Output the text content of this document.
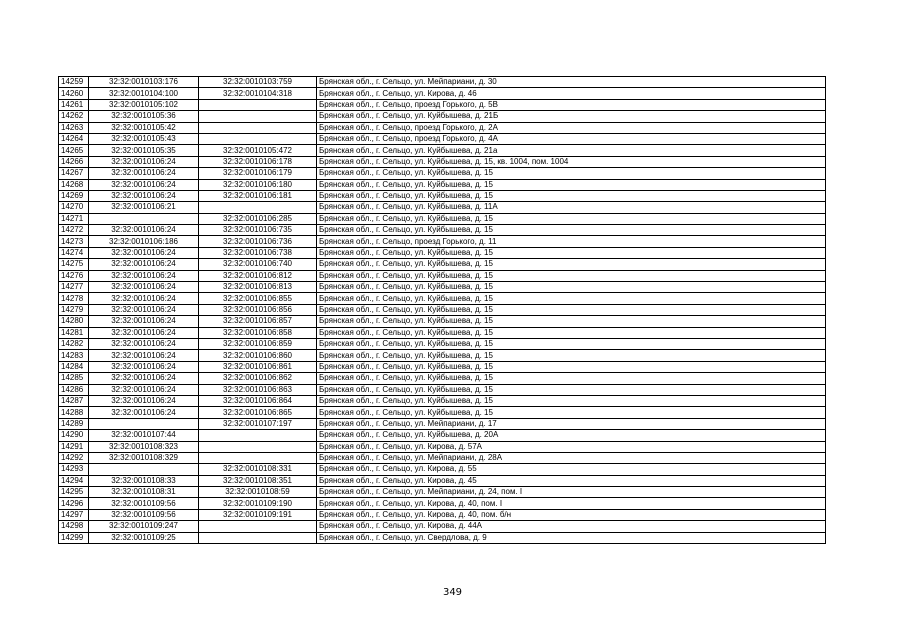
14259	32:32:0010103:176	32:32:0010103:759	Брянская обл., г. Сельцо, ул. Мейпариани, д. 30
14260	32:32:0010104:100	32:32:0010104:318	Брянская обл., г. Сельцо, ул. Кирова, д. 46
14261	32:32:0010105:102		Брянская обл., г. Сельцо, проезд Горького, д. 5В
14262	32:32:0010105:36		Брянская обл., г. Сельцо, ул. Куйбышева, д. 21Б
14263	32:32:0010105:42		Брянская обл., г. Сельцо, проезд Горького, д. 2А
14264	32:32:0010105:43		Брянская обл., г. Сельцо, проезд Горького, д. 4А
14265	32:32:0010105:35	32:32:0010105:472	Брянская обл., г. Сельцо, ул. Куйбышева, д. 21а
14266	32:32:0010106:24	32:32:0010106:178	Брянская обл., г. Сельцо, ул. Куйбышева, д. 15, кв. 1004, пом. 1004
14267	32:32:0010106:24	32:32:0010106:179	Брянская обл., г. Сельцо, ул. Куйбышева, д. 15
14268	32:32:0010106:24	32:32:0010106:180	Брянская обл., г. Сельцо, ул. Куйбышева, д. 15
14269	32:32:0010106:24	32:32:0010106:181	Брянская обл., г. Сельцо, ул. Куйбышева, д. 15
14270	32:32:0010106:21		Брянская обл., г. Сельцо, ул. Куйбышева, д. 11А
14271		32:32:0010106:285	Брянская обл., г. Сельцо, ул. Куйбышева, д. 15
14272	32:32:0010106:24	32:32:0010106:735	Брянская обл., г. Сельцо, ул. Куйбышева, д. 15
14273	32:32:0010106:186	32:32:0010106:736	Брянская обл., г. Сельцо, проезд Горького, д. 11
14274	32:32:0010106:24	32:32:0010106:738	Брянская обл., г. Сельцо, ул. Куйбышева, д. 15
14275	32:32:0010106:24	32:32:0010106:740	Брянская обл., г. Сельцо, ул. Куйбышева, д. 15
14276	32:32:0010106:24	32:32:0010106:812	Брянская обл., г. Сельцо, ул. Куйбышева, д. 15
14277	32:32:0010106:24	32:32:0010106:813	Брянская обл., г. Сельцо, ул. Куйбышева, д. 15
14278	32:32:0010106:24	32:32:0010106:855	Брянская обл., г. Сельцо, ул. Куйбышева, д. 15
14279	32:32:0010106:24	32:32:0010106:856	Брянская обл., г. Сельцо, ул. Куйбышева, д. 15
14280	32:32:0010106:24	32:32:0010106:857	Брянская обл., г. Сельцо, ул. Куйбышева, д. 15
14281	32:32:0010106:24	32:32:0010106:858	Брянская обл., г. Сельцо, ул. Куйбышева, д. 15
14282	32:32:0010106:24	32:32:0010106:859	Брянская обл., г. Сельцо, ул. Куйбышева, д. 15
14283	32:32:0010106:24	32:32:0010106:860	Брянская обл., г. Сельцо, ул. Куйбышева, д. 15
14284	32:32:0010106:24	32:32:0010106:861	Брянская обл., г. Сельцо, ул. Куйбышева, д. 15
14285	32:32:0010106:24	32:32:0010106:862	Брянская обл., г. Сельцо, ул. Куйбышева, д. 15
14286	32:32:0010106:24	32:32:0010106:863	Брянская обл., г. Сельцо, ул. Куйбышева, д. 15
14287	32:32:0010106:24	32:32:0010106:864	Брянская обл., г. Сельцо, ул. Куйбышева, д. 15
14288	32:32:0010106:24	32:32:0010106:865	Брянская обл., г. Сельцо, ул. Куйбышева, д. 15
14289		32:32:0010107:197	Брянская обл., г. Сельцо, ул. Мейпариани, д. 17
14290	32:32:0010107:44		Брянская обл., г. Сельцо, ул. Куйбышева, д. 20А
14291	32:32:0010108:323		Брянская обл., г. Сельцо, ул. Кирова, д. 57А
14292	32:32:0010108:329		Брянская обл., г. Сельцо, ул. Мейпариани, д. 28А
14293		32:32:0010108:331	Брянская обл., г. Сельцо, ул. Кирова, д. 55
14294	32:32:0010108:33	32:32:0010108:351	Брянская обл., г. Сельцо, ул. Кирова, д. 45
14295	32:32:0010108:31	32:32:0010108:59	Брянская обл., г. Сельцо, ул. Мейпариани, д. 24, пом. I
14296	32:32:0010109:56	32:32:0010109:190	Брянская обл., г. Сельцо, ул. Кирова, д. 40, пом. I
14297	32:32:0010109:56	32:32:0010109:191	Брянская обл., г. Сельцо, ул. Кирова, д. 40, пом. б/н
14298	32:32:0010109:247		Брянская обл., г. Сельцо, ул. Кирова, д. 44А
14299	32:32:0010109:25		Брянская обл., г. Сельцо, ул. Свердлова, д. 9
349
